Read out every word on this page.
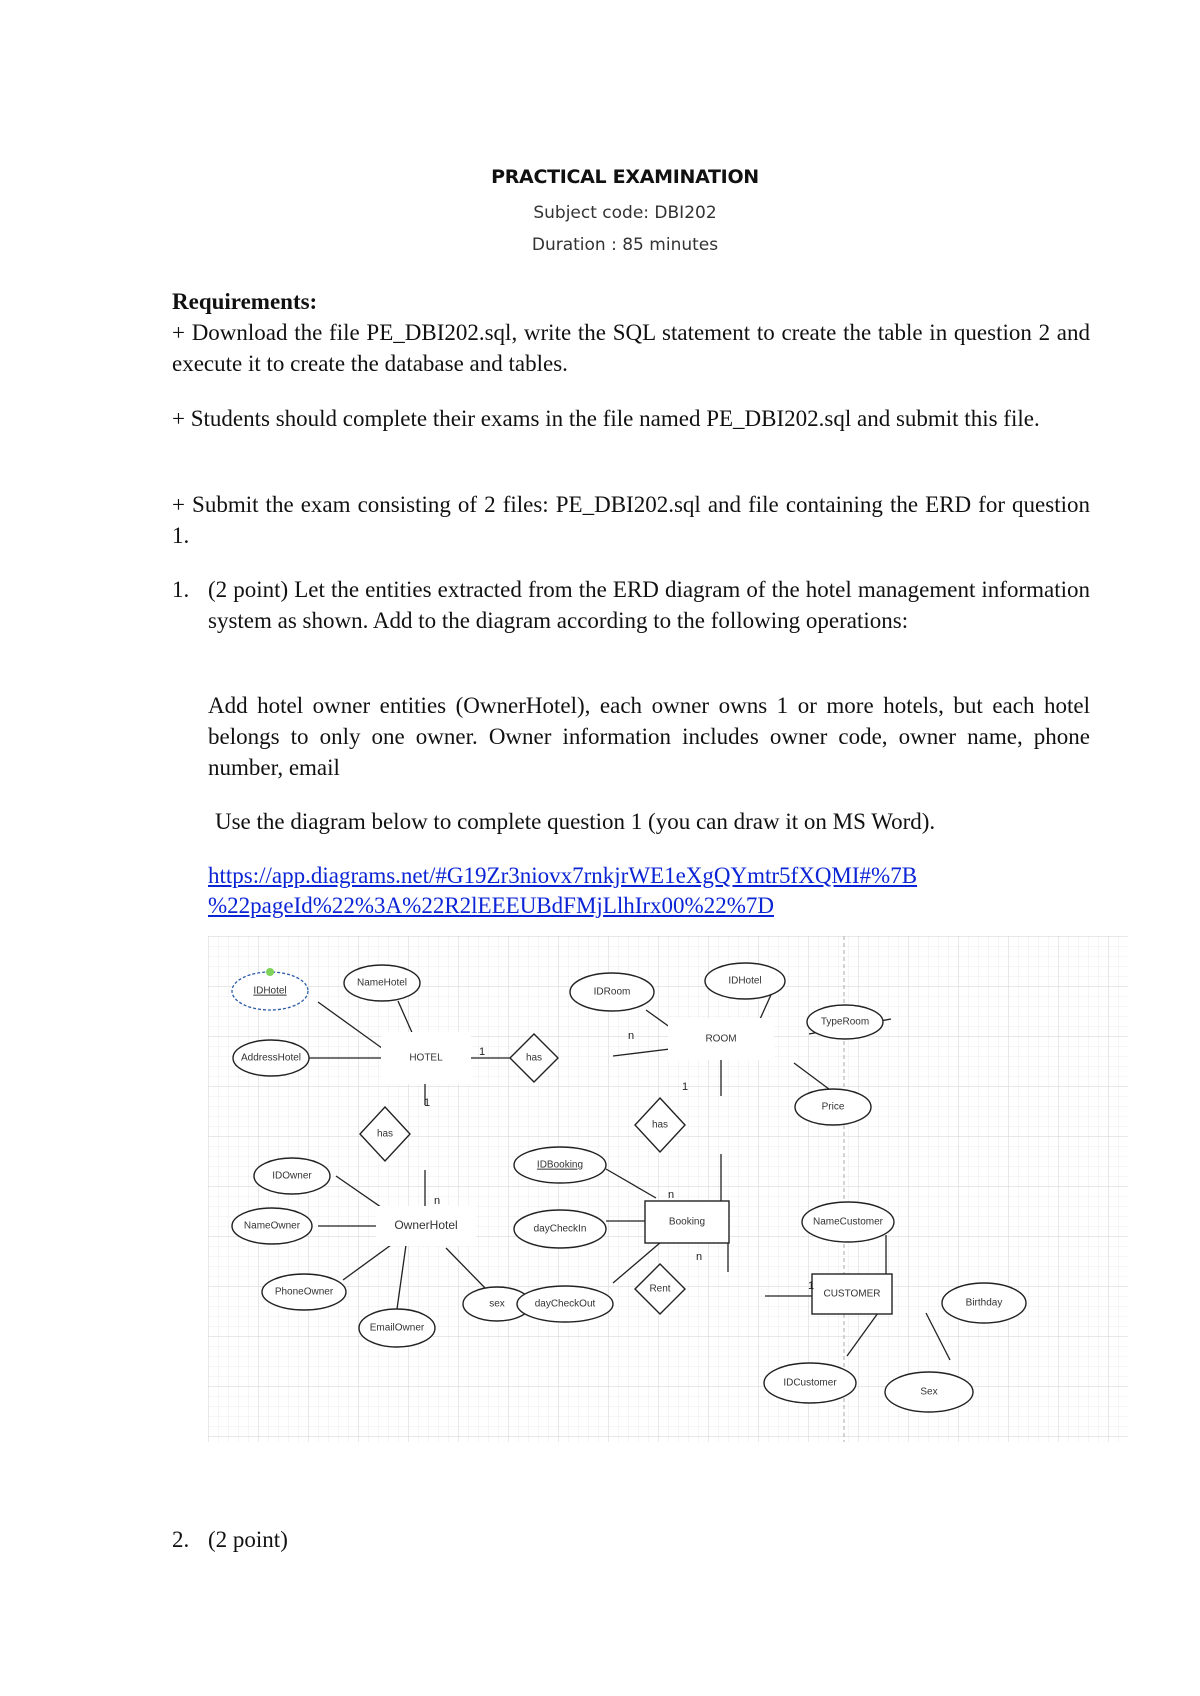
PRACTICAL EXAMINATION
Subject code: DBI202
Duration : 85 minutes
Requirements:
+ Download the file PE_DBI202.sql, write the SQL statement to create the table in question 2 and execute it to create the database and tables.
+ Students should complete their exams in the file named PE_DBI202.sql and submit this file.
+ Submit the exam consisting of 2 files: PE_DBI202.sql and file containing the ERD for question 1.
1. (2 point) Let the entities extracted from the ERD diagram of the hotel management information system as shown. Add to the diagram according to the following operations:
Add hotel owner entities (OwnerHotel), each owner owns 1 or more hotels, but each hotel belongs to only one owner. Owner information includes owner code, owner name, phone number, email
Use the diagram below to complete question 1 (you can draw it on MS Word).
https://app.diagrams.net/#G19Zr3niovx7rnkjrWE1eXgQYmtr5fXQMI#%7B
%22pageId%22%3A%22R2lEEEUBdFMjLlhIrx00%22%7D
HOTEL
ROOM
OwnerHotel	Booking
CUSTOMER
has
has
has
Rent
IDHotel
NameHotel
AddressHotel
IDRoom
IDHotel
TypeRoom
Price
IDOwner
NameOwner
PhoneOwner
EmailOwner
sex
IDBooking
dayCheckIn
dayCheckOut
NameCustomer
Birthday
IDCustomer
Sex
1
n
1
n
1
n
n
1
2. (2 point)
